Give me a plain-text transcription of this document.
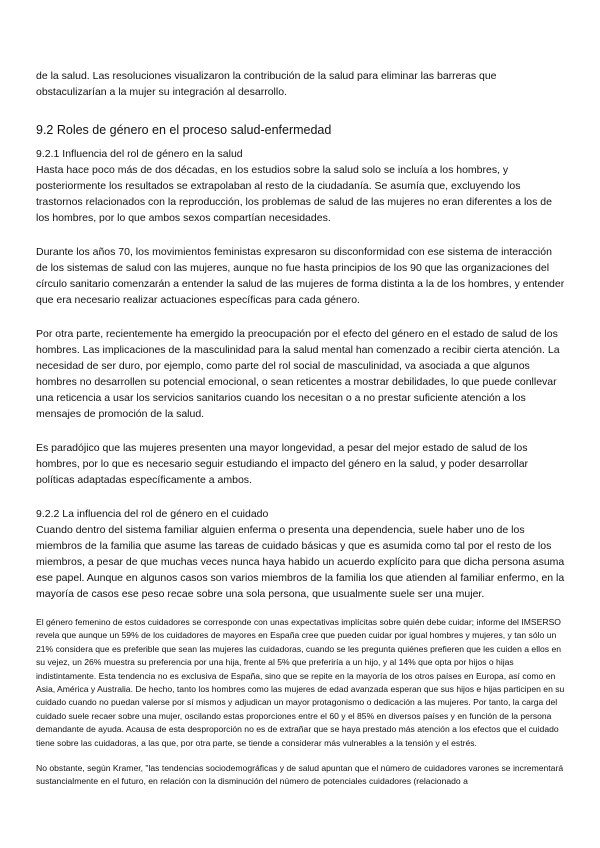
de la salud. Las resoluciones visualizaron la contribución de la salud para eliminar las barreras que obstaculizarían a la mujer su integración al desarrollo.

9.2 Roles de género en el proceso salud-enfermedad
9.2.1 Influencia del rol de género en la salud

Hasta hace poco más de dos décadas, en los estudios sobre la salud solo se incluía a los hombres, y posteriormente los resultados se extrapolaban al resto de la ciudadanía. Se asumía que, excluyendo los trastornos relacionados con la reproducción, los problemas de salud de las mujeres no eran diferentes a los de los hombres, por lo que ambos sexos compartían necesidades.

Durante los años 70, los movimientos feministas expresaron su disconformidad con ese sistema de interacción de los sistemas de salud con las mujeres, aunque no fue hasta principios de los 90 que las organizaciones del círculo sanitario comenzarán a entender la salud de las mujeres de forma distinta a la de los hombres, y entender que era necesario realizar actuaciones específicas para cada género.

Por otra parte, recientemente ha emergido la preocupación por el efecto del género en el estado de salud de los hombres. Las implicaciones de la masculinidad para la salud mental han comenzado a recibir cierta atención. La necesidad de ser duro, por ejemplo, como parte del rol social de masculinidad, va asociada a que algunos hombres no desarrollen su potencial emocional, o sean reticentes a mostrar debilidades, lo que puede conllevar una reticencia a usar los servicios sanitarios cuando los necesitan o a no prestar suficiente atención a los mensajes de promoción de la salud.

Es paradójico que las mujeres presenten una mayor longevidad, a pesar del mejor estado de salud de los hombres, por lo que es necesario seguir estudiando el impacto del género en la salud, y poder desarrollar políticas adaptadas específicamente a ambos.

9.2.2 La influencia del rol de género en el cuidado

Cuando dentro del sistema familiar alguien enferma o presenta una dependencia, suele haber uno de los miembros de la familia que asume las tareas de cuidado básicas y que es asumida como tal por el resto de los miembros, a pesar de que muchas veces nunca haya habido un acuerdo explícito para que dicha persona asuma ese papel. Aunque en algunos casos son varios miembros de la familia los que atienden al familiar enfermo, en la mayoría de casos ese peso recae sobre una sola persona, que usualmente suele ser una mujer.

El género femenino de estos cuidadores se corresponde con unas expectativas implícitas sobre quién debe cuidar; informe del IMSERSO revela que aunque un 59% de los cuidadores de mayores en España cree que pueden cuidar por igual hombres y mujeres, y tan sólo un 21% considera que es preferible que sean las mujeres las cuidadoras, cuando se les pregunta quiénes prefieren que les cuiden a ellos en su vejez, un 26% muestra su preferencia por una hija, frente al 5% que preferiría a un hijo, y al 14% que opta por hijos o hijas indistintamente. Esta tendencia no es exclusiva de España, sino que se repite en la mayoría de los otros países en Europa, así como en Asia, América y Australia. De hecho, tanto los hombres como las mujeres de edad avanzada esperan que sus hijos e hijas participen en su cuidado cuando no puedan valerse por sí mismos y adjudican un mayor protagonismo o dedicación a las mujeres. Por tanto, la carga del cuidado suele recaer sobre una mujer, oscilando estas proporciones entre el 60 y el 85% en diversos países y en función de la persona demandante de ayuda. Acausa de esta desproporción no es de extrañar que se haya prestado más atención a los efectos que el cuidado tiene sobre las cuidadoras, a las que, por otra parte, se tiende a considerar más vulnerables a la tensión y el estrés.

No obstante, según Kramer, "las tendencias sociodemográficas y de salud apuntan que el número de cuidadores varones se incrementará sustancialmente en el futuro, en relación con la disminución del número de potenciales cuidadores (relacionado a
